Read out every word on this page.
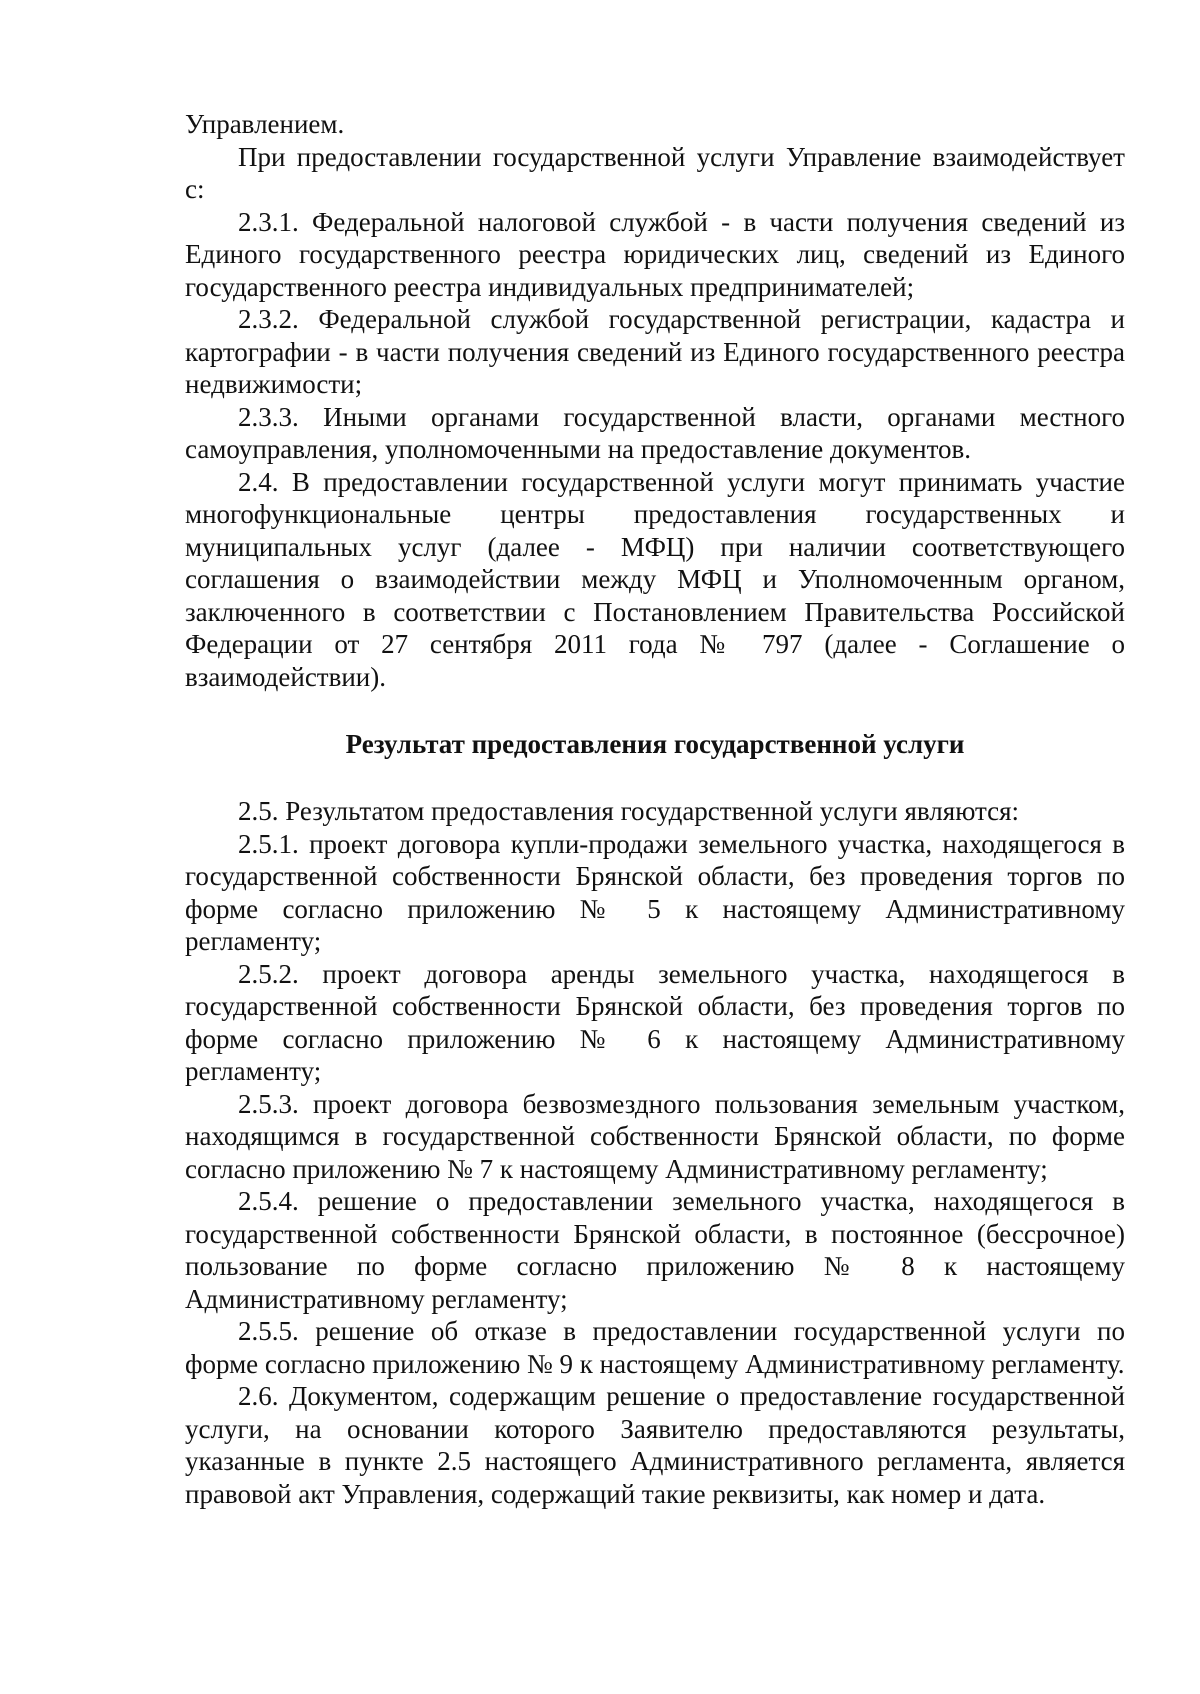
Управлением.

При предоставлении государственной услуги Управление взаимодействует с:

2.3.1. Федеральной налоговой службой - в части получения сведений из Единого государственного реестра юридических лиц, сведений из Единого государственного реестра индивидуальных предпринимателей;

2.3.2. Федеральной службой государственной регистрации, кадастра и картографии - в части получения сведений из Единого государственного реестра недвижимости;

2.3.3. Иными органами государственной власти, органами местного самоуправления, уполномоченными на предоставление документов.

2.4. В предоставлении государственной услуги могут принимать участие многофункциональные центры предоставления государственных и муниципальных услуг (далее - МФЦ) при наличии соответствующего соглашения о взаимодействии между МФЦ и Уполномоченным органом, заключенного в соответствии с Постановлением Правительства Российской Федерации от 27 сентября 2011 года № 797 (далее - Соглашение о взаимодействии).

Результат предоставления государственной услуги

2.5. Результатом предоставления государственной услуги являются:

2.5.1. проект договора купли-продажи земельного участка, находящегося в государственной собственности Брянской области, без проведения торгов по форме согласно приложению № 5 к настоящему Административному регламенту;

2.5.2. проект договора аренды земельного участка, находящегося в государственной собственности Брянской области, без проведения торгов по форме согласно приложению № 6 к настоящему Административному регламенту;

2.5.3. проект договора безвозмездного пользования земельным участком, находящимся в государственной собственности Брянской области, по форме согласно приложению № 7 к настоящему Административному регламенту;

2.5.4. решение о предоставлении земельного участка, находящегося в государственной собственности Брянской области, в постоянное (бессрочное) пользование по форме согласно приложению № 8 к настоящему Административному регламенту;

2.5.5. решение об отказе в предоставлении государственной услуги по форме согласно приложению № 9 к настоящему Административному регламенту.

2.6. Документом, содержащим решение о предоставление государственной услуги, на основании которого Заявителю предоставляются результаты, указанные в пункте 2.5 настоящего Административного регламента, является правовой акт Управления, содержащий такие реквизиты, как номер и дата.
